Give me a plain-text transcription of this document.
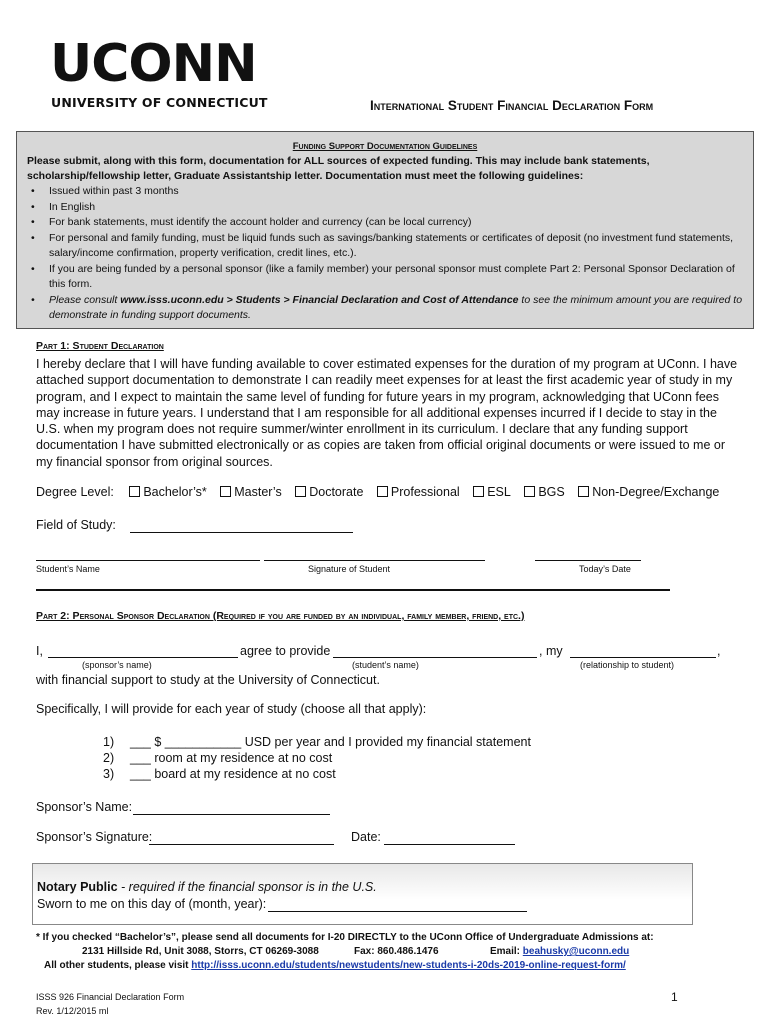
UCONN
UNIVERSITY OF CONNECTICUT	International Student Financial Declaration Form
Funding Support Documentation Guidelines
Please submit, along with this form, documentation for ALL sources of expected funding. This may include bank statements, scholarship/fellowship letter, Graduate Assistantship letter. Documentation must meet the following guidelines:
• Issued within past 3 months
• In English
• For bank statements, must identify the account holder and currency (can be local currency)
• For personal and family funding, must be liquid funds such as savings/banking statements or certificates of deposit (no investment fund statements, salary/income confirmation, property verification, credit lines, etc.).
• If you are being funded by a personal sponsor (like a family member) your personal sponsor must complete Part 2: Personal Sponsor Declaration of this form.
• Please consult www.isss.uconn.edu > Students > Financial Declaration and Cost of Attendance to see the minimum amount you are required to demonstrate in funding support documents.
Part 1: Student Declaration
I hereby declare that I will have funding available to cover estimated expenses for the duration of my program at UConn. I have attached support documentation to demonstrate I can readily meet expenses for at least the first academic year of study in my program, and I expect to maintain the same level of funding for future years in my program, acknowledging that UConn fees may increase in future years. I understand that I am responsible for all additional expenses incurred if I decide to stay in the U.S. when my program does not require summer/winter enrollment in its curriculum. I declare that any funding support documentation I have submitted electronically or as copies are taken from official original documents or were issued to me or my financial sponsor from original sources.
Degree Level: Bachelor’s* Master’s Doctorate Professional ESL BGS Non-Degree/Exchange
Field of Study:
Student’s Name	Signature of Student	Today’s Date
Part 2: Personal Sponsor Declaration (Required if you are funded by an individual, family member, friend, etc.)
I,	agree to provide	, my	,
(sponsor’s name)	(student’s name)	(relationship to student)
with financial support to study at the University of Connecticut.
Specifically, I will provide for each year of study (choose all that apply):
1) ___ $ ___________ USD per year and I provided my financial statement
2) ___ room at my residence at no cost
3) ___ board at my residence at no cost
Sponsor’s Name:
Sponsor’s Signature:	Date:
Notary Public - required if the financial sponsor is in the U.S.
Sworn to me on this day of (month, year):
* If you checked “Bachelor’s”, please send all documents for I-20 DIRECTLY to the UConn Office of Undergraduate Admissions at:
2131 Hillside Rd, Unit 3088, Storrs, CT 06269-3088	Fax: 860.486.1476	Email: beahusky@uconn.edu
All other students, please visit http://isss.uconn.edu/students/newstudents/new-students-i-20ds-2019-online-request-form/
ISSS 926 Financial Declaration Form
Rev. 1/12/2015 ml
1
